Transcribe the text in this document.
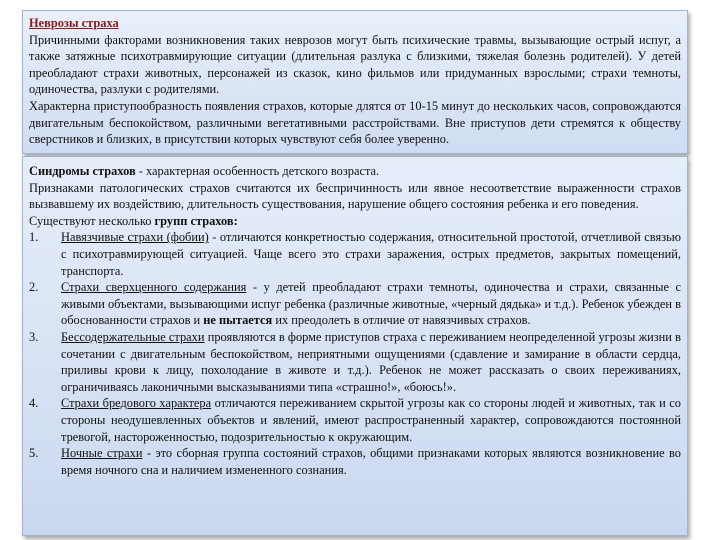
Неврозы страха
Причинными факторами возникновения таких неврозов могут быть психические травмы, вызывающие острый испуг, а также затяжные психотравмирующие ситуации (длительная разлука с близкими, тяжелая болезнь родителей). У детей преобладают страхи животных, персонажей из сказок, кино фильмов или придуманных взрослыми; страхи темноты, одиночества, разлуки с родителями.
Характерна приступообразность появления страхов, которые длятся от 10-15 минут до нескольких часов, сопровождаются двигательным беспокойством, различными вегетативными расстройствами. Вне приступов дети стремятся к обществу сверстников и близких, в присутствии которых чувствуют себя более уверенно.
Синдромы страхов - характерная особенность детского возраста.
Признаками патологических страхов считаются их беспричинность или явное несоответствие выраженности страхов вызвавшему их воздействию, длительность существования, нарушение общего состояния ребенка и его поведения.
Существуют несколько групп страхов:
1. Навязчивые страхи (фобии) - отличаются конкретностью содержания, относительной простотой, отчетливой связью с психотравмирующей ситуацией. Чаще всего это страхи заражения, острых предметов, закрытых помещений, транспорта.
2. Страхи сверхценного содержания - у детей преобладают страхи темноты, одиночества и страхи, связанные с живыми объектами, вызывающими испуг ребенка (различные животные, «черный дядька» и т.д.). Ребенок убежден в обоснованности страхов и не пытается их преодолеть в отличие от навязчивых страхов.
3. Бессодержательные страхи проявляются в форме приступов страха с переживанием неопределенной угрозы жизни в сочетании с двигательным беспокойством, неприятными ощущениями (сдавление и замирание в области сердца, приливы крови к лицу, похолодание в животе и т.д.). Ребенок не может рассказать о своих переживаниях, ограничиваясь лаконичными высказываниями типа «страшно!», «боюсь!».
4. Страхи бредового характера отличаются переживанием скрытой угрозы как со стороны людей и животных, так и со стороны неодушевленных объектов и явлений, имеют распространенный характер, сопровождаются постоянной тревогой, настороженностью, подозрительностью к окружающим.
5. Ночные страхи - это сборная группа состояний страхов, общими признаками которых являются возникновение во время ночного сна и наличием измененного сознания.
